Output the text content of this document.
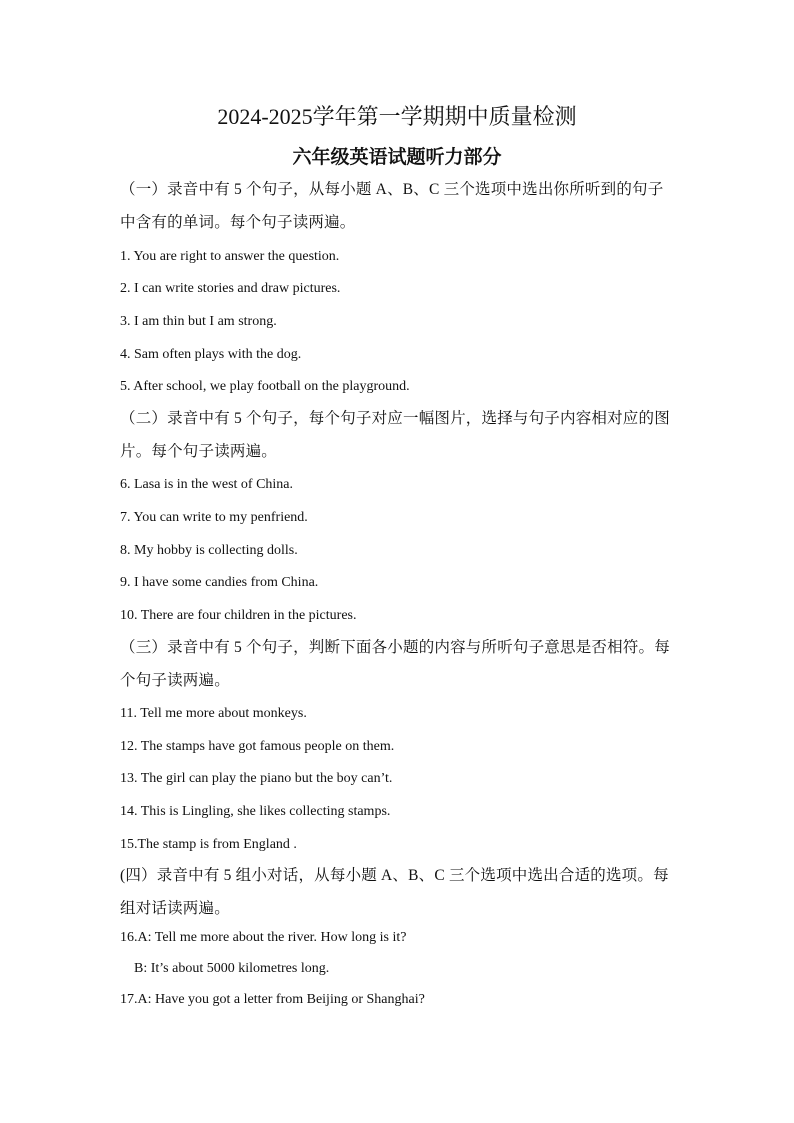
2024-2025学年第一学期期中质量检测
六年级英语试题听力部分
（一）录音中有 5 个句子，从每小题 A、B、C 三个选项中选出你所听到的句子
中含有的单词。每个句子读两遍。
1. You are right to answer the question.
2. I can write stories and draw pictures.
3. I am thin but I am strong.
4. Sam often plays with the dog.
5. After school, we play football on the playground.
（二）录音中有 5 个句子，每个句子对应一幅图片，选择与句子内容相对应的图
片。每个句子读两遍。
6. Lasa is in the west of China.
7. You can write to my penfriend.
8. My hobby is collecting dolls.
9. I have some candies from China.
10. There are four children in the pictures.
（三）录音中有 5 个句子，判断下面各小题的内容与所听句子意思是否相符。每
个句子读两遍。
11. Tell me more about monkeys.
12. The stamps have got famous people on them.
13. The girl can play the piano but the boy can’t.
14. This is Lingling, she likes collecting stamps.
15.The stamp is from England .
(四）录音中有 5 组小对话，从每小题 A、B、C 三个选项中选出合适的选项。每
组对话读两遍。
16.A: Tell me more about the river. How long is it?
B: It’s about 5000 kilometres long.
17.A: Have you got a letter from Beijing or Shanghai?
